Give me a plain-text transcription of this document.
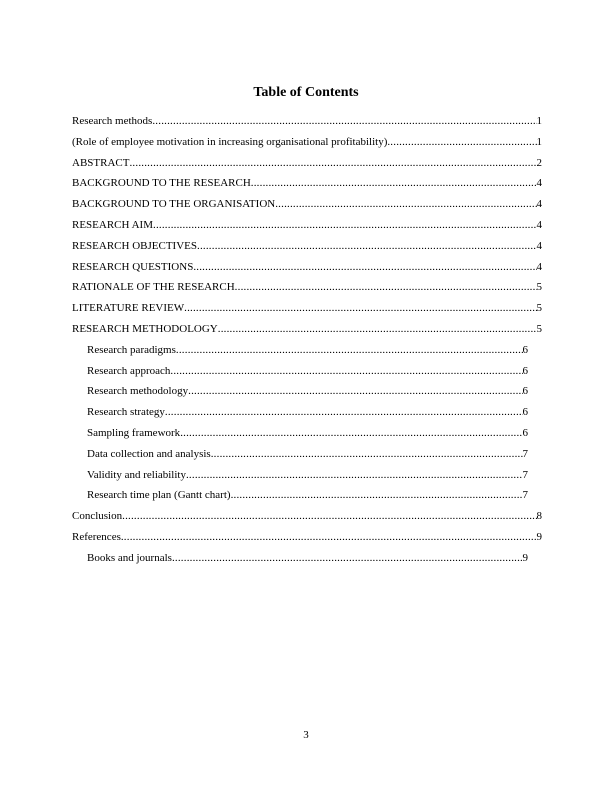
Table of Contents
Research methods .....	1
(Role of employee motivation in increasing organisational profitability) .....	1
ABSTRACT .....	2
BACKGROUND TO THE RESEARCH .....	4
BACKGROUND TO THE ORGANISATION .....	4
RESEARCH AIM .....	4
RESEARCH OBJECTIVES .....	4
RESEARCH QUESTIONS .....	4
RATIONALE OF THE RESEARCH .....	5
LITERATURE REVIEW .....	5
RESEARCH METHODOLOGY .....	5
Research paradigms .....	6
Research approach .....	6
Research methodology .....	6
Research strategy .....	6
Sampling framework .....	6
Data collection and analysis .....	7
Validity and reliability .....	7
Research time plan (Gantt chart) .....	7
Conclusion .....	8
References .....	9
Books and journals .....	9
3
